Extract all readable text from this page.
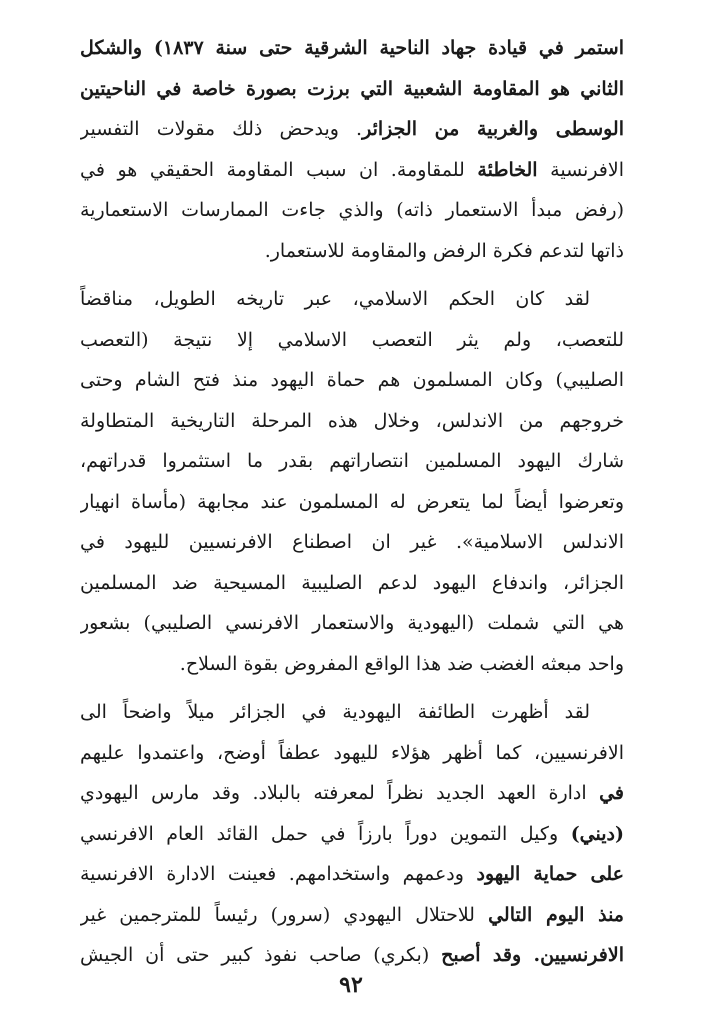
استمر في قيادة جهاد الناحية الشرقية حتى سنة ١٨٣٧) والشكل
الثاني هو المقاومة الشعبية التي برزت بصورة خاصة في الناحيتين
الوسطى والغربية من الجزائر. ويدحض ذلك مقولات التفسير
الافرنسية الخاطئة للمقاومة. ان سبب المقاومة الحقيقي هو في
(رفض مبدأ الاستعمار ذاته) والذي جاءت الممارسات الاستعمارية
ذاتها لتدعم فكرة الرفض والمقاومة للاستعمار.

لقد كان الحكم الاسلامي، عبر تاريخه الطويل، مناقضاً
للتعصب، ولم يثر التعصب الاسلامي إلا نتيجة (التعصب
الصليبي) وكان المسلمون هم حماة اليهود منذ فتح الشام وحتى
خروجهم من الاندلس، وخلال هذه المرحلة التاريخية المتطاولة
شارك اليهود المسلمين انتصاراتهم بقدر ما استثمروا قدراتهم،
وتعرضوا أيضاً لما يتعرض له المسلمون عند مجابهة (مأساة انهيار
الاندلس الاسلامية». غير ان اصطناع الافرنسيين لليهود في
الجزائر، واندفاع اليهود لدعم الصليبية المسيحية ضد المسلمين
هي التي شملت (اليهودية والاستعمار الافرنسي الصليبي) بشعور
واحد مبعثه الغضب ضد هذا الواقع المفروض بقوة السلاح.

لقد أظهرت الطائفة اليهودية في الجزائر ميلاً واضحاً الى
الافرنسيين، كما أظهر هؤلاء لليهود عطفاً أوضح، واعتمدوا عليهم
في ادارة العهد الجديد نظراً لمعرفته بالبلاد. وقد مارس اليهودي
(ديني) وكيل التموين دوراً بارزاً في حمل القائد العام الافرنسي
على حماية اليهود ودعمهم واستخدامهم. فعينت الادارة الافرنسية
منذ اليوم التالي للاحتلال اليهودي (سرور) رئيساً للمترجمين غير
الافرنسيين. وقد أصبح (بكري) صاحب نفوذ كبير حتى أن الجيش

٩٢
